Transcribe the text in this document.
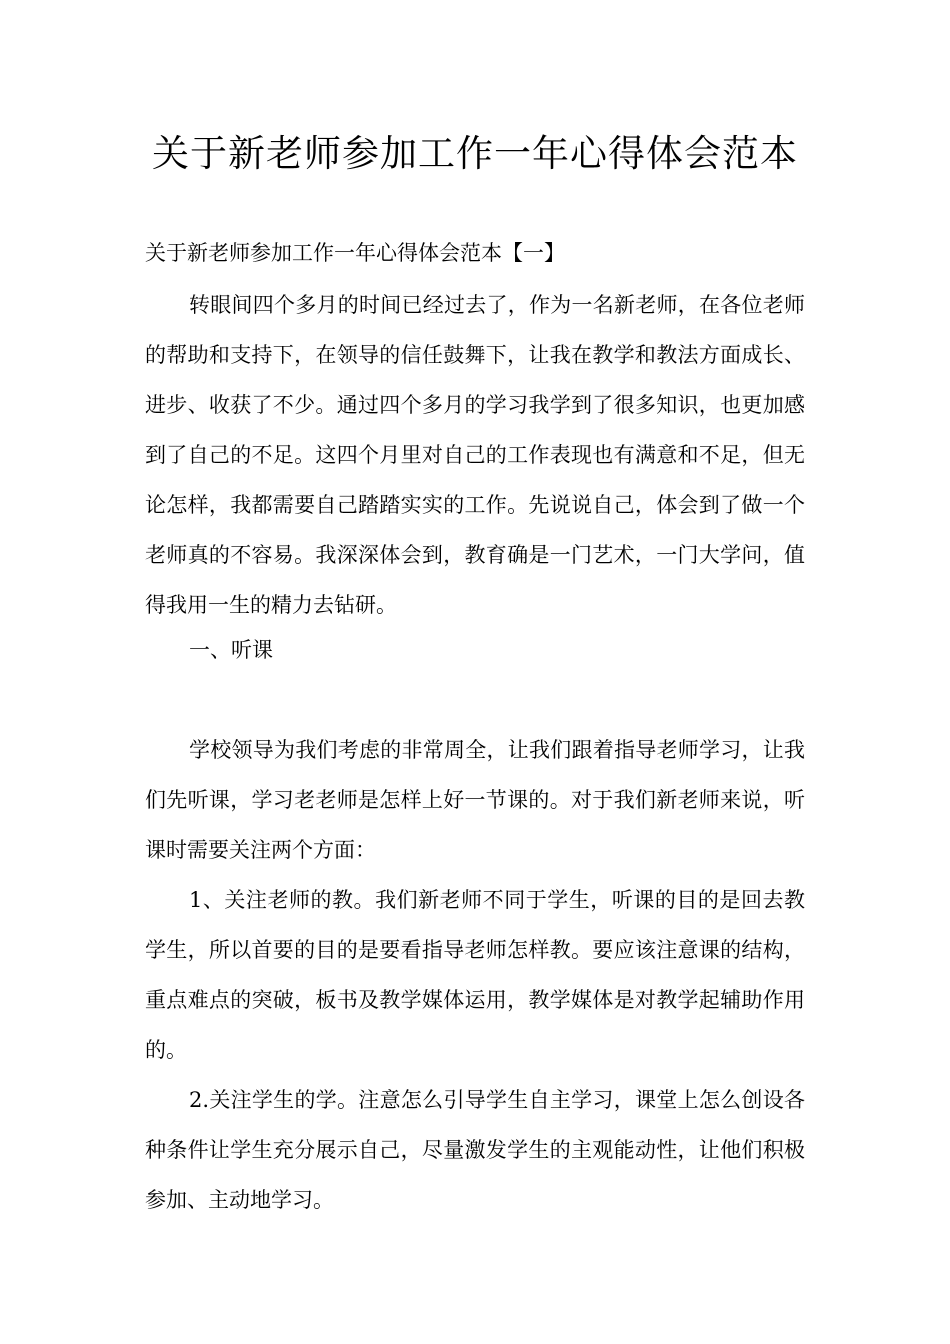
关于新老师参加工作一年心得体会范本

关于新老师参加工作一年心得体会范本【一】

转眼间四个多月的时间已经过去了，作为一名新老师，在各位老师的帮助和支持下，在领导的信任鼓舞下，让我在教学和教法方面成长、进步、收获了不少。通过四个多月的学习我学到了很多知识，也更加感到了自己的不足。这四个月里对自己的工作表现也有满意和不足，但无论怎样，我都需要自己踏踏实实的工作。先说说自己，体会到了做一个老师真的不容易。我深深体会到，教育确是一门艺术，一门大学问，值得我用一生的精力去钻研。

一、听课

学校领导为我们考虑的非常周全，让我们跟着指导老师学习，让我们先听课，学习老老师是怎样上好一节课的。对于我们新老师来说，听课时需要关注两个方面：

1、关注老师的教。我们新老师不同于学生，听课的目的是回去教学生，所以首要的目的是要看指导老师怎样教。要应该注意课的结构，重点难点的突破，板书及教学媒体运用，教学媒体是对教学起辅助作用的。

2.关注学生的学。注意怎么引导学生自主学习，课堂上怎么创设各种条件让学生充分展示自己，尽量激发学生的主观能动性，让他们积极参加、主动地学习。
